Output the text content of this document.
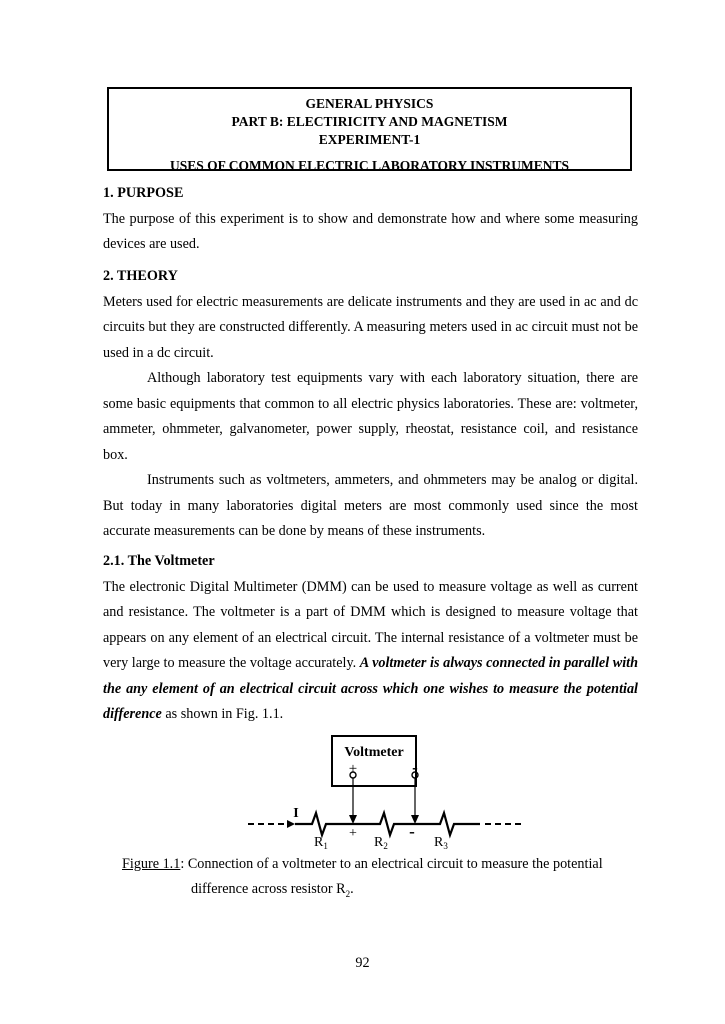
GENERAL PHYSICS
PART B: ELECTIRICITY AND MAGNETISM
EXPERIMENT-1
USES OF COMMON ELECTRIC LABORATORY INSTRUMENTS

1. PURPOSE

The purpose of this experiment is to show and demonstrate how and where some measuring devices are used.

2. THEORY

Meters used for electric measurements are delicate instruments and they are used in ac and dc circuits but they are constructed differently. A measuring meters used in ac circuit must not be used in a dc circuit.

Although laboratory test equipments vary with each laboratory situation, there are some basic equipments that common to all electric physics laboratories. These are: voltmeter, ammeter, ohmmeter, galvanometer, power supply, rheostat, resistance coil, and resistance box.

Instruments such as voltmeters, ammeters, and ohmmeters may be analog or digital. But today in many laboratories digital meters are most commonly used since the most accurate measurements can be done by means of these instruments.

2.1. The Voltmeter

The electronic Digital Multimeter (DMM) can be used to measure voltage as well as current and resistance. The voltmeter is a part of DMM which is designed to measure voltage that appears on any element of an electrical circuit. The internal resistance of a voltmeter must be very large to measure the voltage accurately. A voltmeter is always connected in parallel with the any element of an electrical circuit across which one wishes to measure the potential difference as shown in Fig. 1.1.

Voltmeter
+	-
I
$R_1$
+
$R_2$
-
$R_3$
Figure 1.1: Connection of a voltmeter to an electrical circuit to measure the potential
difference across resistor $R_2$.
92
